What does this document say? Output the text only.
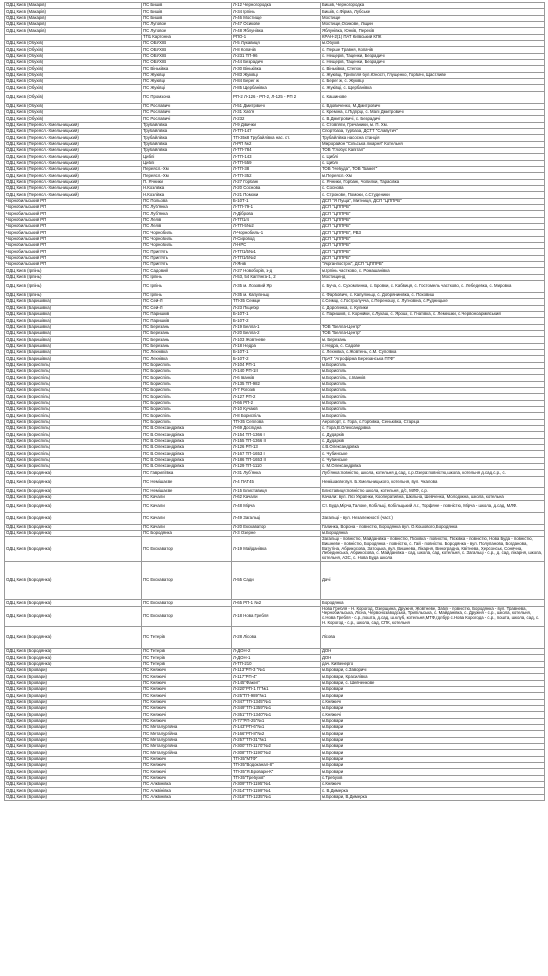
ОДЦ Києв (Макарів)	ПС Бишів	Л-12 Черногородка	Бишів, Черногородка
ОДЦ Києв (Макарів)	ПС Бишів	Л-34 Ірпінь	Бишів, с.Фірма, Лубське
ОДЦ Києв (Макарів)	ПС Бишів	Л-46 Мостище	Мостище
ОДЦ Києв (Макарів)	ПС Луговое	Л-47 Осикове	Мостище,Осикове, Ліщин
ОДЦ Києв (Макарів)	ПС Луговое	Л-48 Яблунівка	Яблунівка, Юнків, Перехів
	ТП1 Картонна	РПО-1	КРАН-2(1) ПАТ Київський КПК
ОДЦ Києв (Обухів)	ПС ОБУХІВ	Л-5 Лукавиця	м.Обухів
ОДЦ Києв (Обухів)	ПС ОБУХІВ	Л-8 Копачів	с. Перше Травня, Копачів
ОДЦ Києв (Обухів)	ПС ОБУХІВ	Л-231 ТП-96	с. Нещерів, Таценки, Безрадичі
ОДЦ Києв (Обухів)	ПС ОБУХІВ	Л-44 Безрадичі	с. Нещерів, Таценки, Безрадичі
ОДЦ Києв (Обухів)	ПС Віньківка	Л-30 Віньківка	с. Віньківка, Степок
ОДЦ Києв (Обухів)	ПС Жуківці	Л-83 Жуківці	с. Жуківці, Трипілля бул.Юності, Глущенко, Горбачі, Щастливе
ОДЦ Києв (Обухів)	ПС Жуківці	Л-84 Берег ж	с. Берег ж, с. Жуківці
ОДЦ Києв (Обухів)	ПС Жуківці	Л-85 Щербанівка	с. Жуківці, с. Щербанівка
ОДЦ Києв (Обухів)	ПС Промзона	РП-2 Л-126 - РП-2, Л-125 - РП 2	с. Кашинове
ОДЦ Києв (Обухів)	ПС Рославичі	Л-51 Дмитрівичі	с. Вдовиченко, М.Дмитровичі
ОДЦ Києв (Обухів)	ПС Рославичі	Л-31 Хаб'я	с. Креміна, с.Підгірці, с. Малі Дмитровичі
ОДЦ Києв (Обухів)	ПС Рославичі	Л-232	с. В.Дмитровичі, с. Безрадичі
ОДЦ Києв (Переясл.-Хмельницький)	Трубайлівка	Л-9 Дівички	с. Стовпяги, Гречаники, м. П. Хм.
ОДЦ Києв (Переясл.-Хмельницький)	Трубайлівка	Л-ТП-147	Спортбаза, турбаза, ДСТТ "Славутич"
ОДЦ Києв (Переясл.-Хмельницький)	Трубайлівка	ТП-35к8 Трубайлівка нас. ст.	Трубайлівка насосна станція
ОДЦ Києв (Переясл.-Хмельницький)	Трубайлівка	Л-РП №2	Мікрорайон "Сільська лікарня" Котельня
ОДЦ Києв (Переясл.-Хмельницький)	Трубайлівка	Л-ТП-784	ТОВ "Глобус Капітал"
ОДЦ Києв (Переясл.-Хмельницький)	Циблі	Л-ТП-143	с. Циблі
ОДЦ Києв (Переясл.-Хмельницький)	Циблі	Л-ТП-559	с. Циблі
ОДЦ Києв (Переясл.-Хмельницький)	Переясл.-Хм	Л-ТП-38	ТОВ "Небуда", ТОВ "Бамет"
ОДЦ Києв (Переясл.-Хмельницький)	Переясл.-Хм	Л-ТП-352	м.Переясл.-Хм
ОДЦ Києв (Переясл.-Хмельницький)	П. Ячники	Л-27 Горбані	с. Ячники, Горбані, Чопилки, Тарасівка
ОДЦ Києв (Переясл.-Хмельницький)	Н.Козлівка	Л-20 Соснова	с. Соснова
ОДЦ Києв (Переясл.-Хмельницький)	Н.Козлівка	Л-21 Помоки	с. Строкове, Помоки, с.Студеники
Чорнобильський РП	ПС Польова	Б-10Т-1	ДСП "Я Пуща", Митниця, ДСП "ЦППРВ"
Чорнобильський РП	ПС Луб'янка	Л-ТП-79-1	ДСП "ЦППРВ"
Чорнобильський РП	ПС Луб'янка	Л-Діброва	ДСП "ЦППРВ"
Чорнобильський РП	ПС Лелів	Л-ТП1/4	ДСП "ЦППРВ"
Чорнобильський РП	ПС Лелів	Л-ТП-5№2	ДСП "ЦППРВ"
Чорнобильський РП	ПС Чорнобиль	Л-Чорнобиль-1	ДСП "ЦППРВ", РВЗ
Чорнобильський РП	ПС Чорнобиль	Л-Сировод	ДСП "ЦППРВ"
Чорнобильський РП	ПС Чорнобиль	Л-НРС	ДСП "ЦППРВ"
Чорнобильський РП	ПС Прип'ять	Л-ТП1/5№1	ДСП "ЦППРВ"
Чорнобильський РП	ПС Прип'ять	Л-ТП1/5№2	ДСП "ЦППРВ"
Чорнобильський РП	ПС Прип'ять	Л-Янів	"Укрганпостріх", ДСП "ЦППРВ"
ОДЦ Києв (Ірпінь)	ПС Садовий	Л-27 Новоборів, з-д	м.Ірпінь частково, с. Ромашанівка
ОДЦ Києв (Ірпінь)	ПС Ірпінь	Л-53, 54 Кап'янга-1, 2	Мостищенд
ОДЦ Києв (Ірпінь)	ПС Ірпінь	Л-35 м. Лозовий Яр	с. Буча, с. Сухомлинка, с. Бровки, с. Кабвиця, с. Гостомель частково, с. Лебедевка, с. Мировка
ОДЦ Києв (Ірпінь)	ПС Ірпінь	Л-35 м. Капуліньці	с. Фарбовичі, с. Капуліньці, с. Добрянинівка, с. Поховиш
ОДЦ Києв (Баришівка)	ПС Сей-Л	ТП-35 Сеімце	с.Сеімці, с.Гостролучча, с.Переношу, с. Лугновіна, с.Рудницьке
ОДЦ Києв (Баришівка)	ПС Сей-Л	Л-23 Піщебір	с. Дорогинка, с. Кулики
ОДЦ Києв (Баришівка)	ПС Паришків	Б-10Т-1	с. Паришків, с. Корнійки, с.Лукаш, с. Яроші, с. Гнатівка, с. Лемешки, с.Червоноармійський
ОДЦ Києв (Баришівка)	ПС Паришків	Б-10Т-2	
ОДЦ Києв (Баришівка)	ПС Березань	Л-19 Белла-1	ТОВ "Белла-Центр"
ОДЦ Києв (Баришівка)	ПС Березань	Л-20 Белла-2	ТОВ "Белла-Центр"
ОДЦ Києв (Баришівка)	ПС Березань	Л-103 Жовтневе	м. Березань
ОДЦ Києв (Баришівка)	ПС Березань	Л-18 Недра	с.Недра, с. Садове
ОДЦ Києв (Баришівка)	ПС Лехнівка	Б-10Т-1	с. Лехнівка, с.Жовтень, с.М. Супоївка
ОДЦ Києв (Баришівка)	ПС Лехнівка	Б-10Т-2	ПрАТ "Агрофірма Березанська ПТФ"
ОДЦ Києв (Бориспіль)	ПС Бориспіль	Л-104 РП-1	м.Бориспіль
ОДЦ Києв (Бориспіль)	ПС Бориспіль	Л-140 РП-1II	м.Бориспіль
ОДЦ Києв (Бориспіль)	ПС Бориспіль	Л-6 Іванків	м.Бориспіль, с.Іванків
ОДЦ Києв (Бориспіль)	ПС Бориспіль	Л-135 ТП-982	м.Бориспіль
ОДЦ Києв (Бориспіль)	ПС Бориспіль	Л-7 Рогозів	м.Бориспіль
ОДЦ Києв (Бориспіль)	ПС Бориспіль	Л-127 РП-2	м.Бориспіль
ОДЦ Києв (Бориспіль)	ПС Бориспіль	Л-66 РП-2	м.Бориспіль
ОДЦ Києв (Бориспіль)	ПС Бориспіль	Л-10 Кучаків	м.Бориспіль
ОДЦ Києв (Бориспіль)	ПС Бориспіль	Л-8 Бориспіль	м.Бориспіль
ОДЦ Києв (Бориспіль)	ПС Бориспіль	ТП-35 Сеплова	Аеропорт, с. Гора, с.Горбівка, Сеньківка, Старіца
ОДЦ Києв (Бориспіль)	ПС В.Олександрівка	Л-69 Дослідна	с. Гора,В.Олександрівка
ОДЦ Києв (Бориспіль)	ПС В.Олександрівка	Л-154 ТП-1366 І	с. Дударків
ОДЦ Києв (Бориспіль)	ПС В.Олександрівка	Л-155 ТП-1366 ІІ	с. Дударків
ОДЦ Києв (Бориспіль)	ПС В.Олександрівка	Л-126 РП-13	с.В.Олександрівка
ОДЦ Києв (Бориспіль)	ПС В.Олександрівка	Л-167 ТП-1653 І	с. Чубинське
ОДЦ Києв (Бориспіль)	ПС В.Олександрівка	Л-186 ТП-1653 ІІ	с. Чубинське
ОДЦ Києв (Бориспіль)	ПС В.Олександрівка	Л-129 ТП-1110	с. М.Олександрівка
ОДЦ Києв (Бородянка)	ПС Гавриліївка	Л-31 Лубʼянка	Лубʼянка:повністю, школа, котельня д.сад, с.р.Озера:повністю,школа, котельня д.сад,с.р., с.
ОДЦ Києв (Бородянка)	ПС Немішаєве	Л-4 ПАТ45	Немішаєве:вул. Б.Хмельницького, котельня, вул. Чкалова
ОДЦ Києв (Бородянка)	ПС Немішаєве	Л-15 Блиставиця	Блиставиця:повністю школа, котельня, д/с, МЛФ, с.р.
ОДЦ Києв (Бородянка)	ПС Качали	Л-62 Качали	Качали: вул. Лісі Українки, Кооперативна, Шкільна, Шевченка, Молодіжна, школа, котельна
ОДЦ Києв (Бородянка)	ПС Качали	Л-48 Мірча	Ст. Буда,Мірча,Талоке, Кобільці, Кобільцький л.г., Торфяне - повністю, Мірча - школа, д.сад, МЛФ.
ОДЦ Києв (Бородянка)	ПС Качали	Л-49 Загальці	Загальці - вул. Незалежності (част.)
ОДЦ Києв (Бородянка)	ПС Качали	Л-20 Екскаватор	Галинка, Ворона - повністю, Бородянка вул. О.Кошового,Бородянка
ОДЦ Києв (Бородянка)	ПС Бородянка	Л-3 Озерне	м.Бородянка
ОДЦ Києв (Бородянка)	ПС Екскаватор	Л-19 Майданівка	Загальці - повністю, Майданівка - повністю, Пісківка - повністю, Пісківка - повністю, Нова Буда - повністю, Вишневе - повністю, Бородянка - повністю, с. Гай - повністю. Бородянка - вул. Полупанова, Богданова, Ватутіна, Абрикосова, Затоцька, вул. Вишнева, Лікарня, Виноградна, Квітнева, Херсонськ, Сонячна, Лебединська, Абрикосова, с. Майданівка - сад, школа, сад, котельня, с. Загальці - с.р., д. сад, лікарня, школа, котельня, АЗС, с. Нова Буда школа
ОДЦ Києв (Бородянка)	ПС Екскаватор	Л-55 Сади	Дачі
ОДЦ Києв (Бородянка)	ПС Екскаватор	Л-65 РП-1 №2	Бородянка
ОДЦ Києв (Бородянка)	ПС Екскаватор	Л-18 Нова Гребля	Нова Гребля - Н. Корогод, Озерщина, Дружня, Жовтневе, Заблі - повністю, Бородянка - вул. Травнева, Чернобильська, Лісна, Червонозаводська, Трипільська, с. Майданівка, с. Дружня - с.р., школа, котельня, с.Нова Гребля - с.р.,пошта, д.сад, ш.клуб, котельня,МТФ,гдлбур с.Нова Корогода - с.р., пошта, школа, сад, с. Н. Корогод - с.р., школа, сад, СПК, котельня
ОДЦ Києв (Бородянка)	ПС Тетерів	Л-28 Лісова	Лісова
ОДЦ Києв (Бородянка)	ПС Тетерів	Л-ДОН-2	ДОН
ОДЦ Києв (Бородянка)	ПС Тетерів	Л-ДОН-1	ДОН
ОДЦ Києв (Бородянка)	ПС Тетерів	Л-ТП-210	дач. Київенерго
ОДЦ Києв (Бровари)	ПС Княжичі	Л-113"РП-3 "№1	м.Бровари, с.Заворичі
ОДЦ Києв (Бровари)	ПС Княжичі	Л-117"РП-4"	м.Бровари, Красилівка
ОДЦ Києв (Бровари)	ПС Княжичі	Л-145"Факел"	м.Бровари, с. Шевченкове
ОДЦ Києв (Бровари)	ПС Княжичі	Л-220"РП-1 П"№1	м.Бровари
ОДЦ Києв (Бровари)	ПС Княжичі	Л-25"ТП-989"№1	м.Бровари
ОДЦ Києв (Бровари)	ПС Княжичі	Л-347"ТП-1345"№1	с.Княжичі
ОДЦ Києв (Бровари)	ПС Княжичі	Л-349"ТП-1359"№1	м.Бровари
ОДЦ Києв (Бровари)	ПС Княжичі	Л-351"ТП-1340"№1	с.Княжичі
ОДЦ Києв (Бровари)	ПС Княжичі	Л-77"РП-25"№1	м.Бровари
ОДЦ Києв (Бровари)	ПС Металургійна	Л-143"РП-6"№1	м.Бровари
ОДЦ Києв (Бровари)	ПС Металургійна	Л-166"РП-8"№2	м.Бровари
ОДЦ Києв (Бровари)	ПС Металургійна	Л-257"ТП-31"№1	м.Бровари
ОДЦ Києв (Бровари)	ПС Металургійна	Л-300"ТП-1170"№2	м.Бровари
ОДЦ Києв (Бровари)	ПС Металургійна	Л-308"ТП-1190"№2	м.Бровари
ОДЦ Києв (Бровари)	ПС Княжичі	ТП-35"МТФ"	м.Бровари
ОДЦ Києв (Бровари)	ПС Княжичі	ТП-35"Водоканал-8"	м.Бровари
ОДЦ Києв (Бровари)	ПС Княжичі	ТП-35"Я.Бровари-К"	м.Бровари
ОДЦ Києв (Бровари)	ПС Княжичі	ТП-35"Требухів"	с.Требухів
ОДЦ Києв (Бровари)	ПС Алквінівка	Л-309"ТП-1195"№1	с.Княжичі
ОДЦ Києв (Бровари)	ПС Алквінівка	Л-314"ТП-1199"№1	с. В.Димерка
ОДЦ Києв (Бровари)	ПС Алквінівка	Л-318"ТП-1235"№1	м.Бровари, В.Димерка
